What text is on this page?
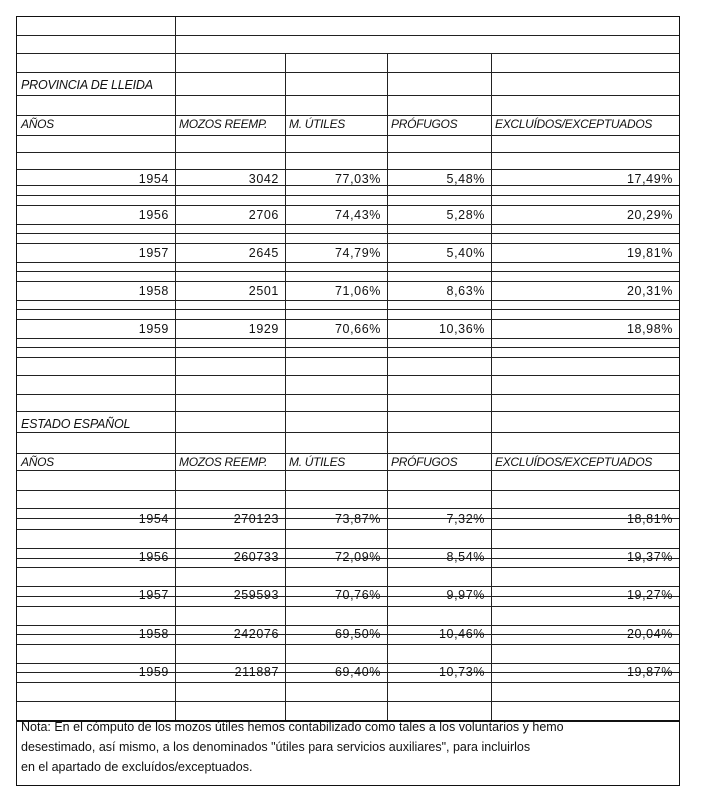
PROVINCIA DE LLEIDA
AÑOS	MOZOS REEMP.	M. ÚTILES	PRÓFUGOS	EXCLUÍDOS/EXCEPTUADOS
1954	3042	77,03%	5,48%	17,49%
1956	2706	74,43%	5,28%	20,29%
1957	2645	74,79%	5,40%	19,81%
1958	2501	71,06%	8,63%	20,31%
1959	1929	70,66%	10,36%	18,98%
ESTADO ESPAÑOL
AÑOS	MOZOS REEMP.	M. ÚTILES	PRÓFUGOS	EXCLUÍDOS/EXCEPTUADOS
1954	270123	73,87%	7,32%	18,81%
1956	260733	72,09%	8,54%	19,37%
1957	259593	70,76%	9,97%	19,27%
1958	242076	69,50%	10,46%	20,04%
1959	211887	69,40%	10,73%	19,87%
Nota: En el cómputo de los mozos útiles hemos contabilizado como tales a los voluntarios y hemo
desestimado, así mismo, a los denominados "útiles para servicios auxiliares", para incluirlos
en el apartado de excluídos/exceptuados.
